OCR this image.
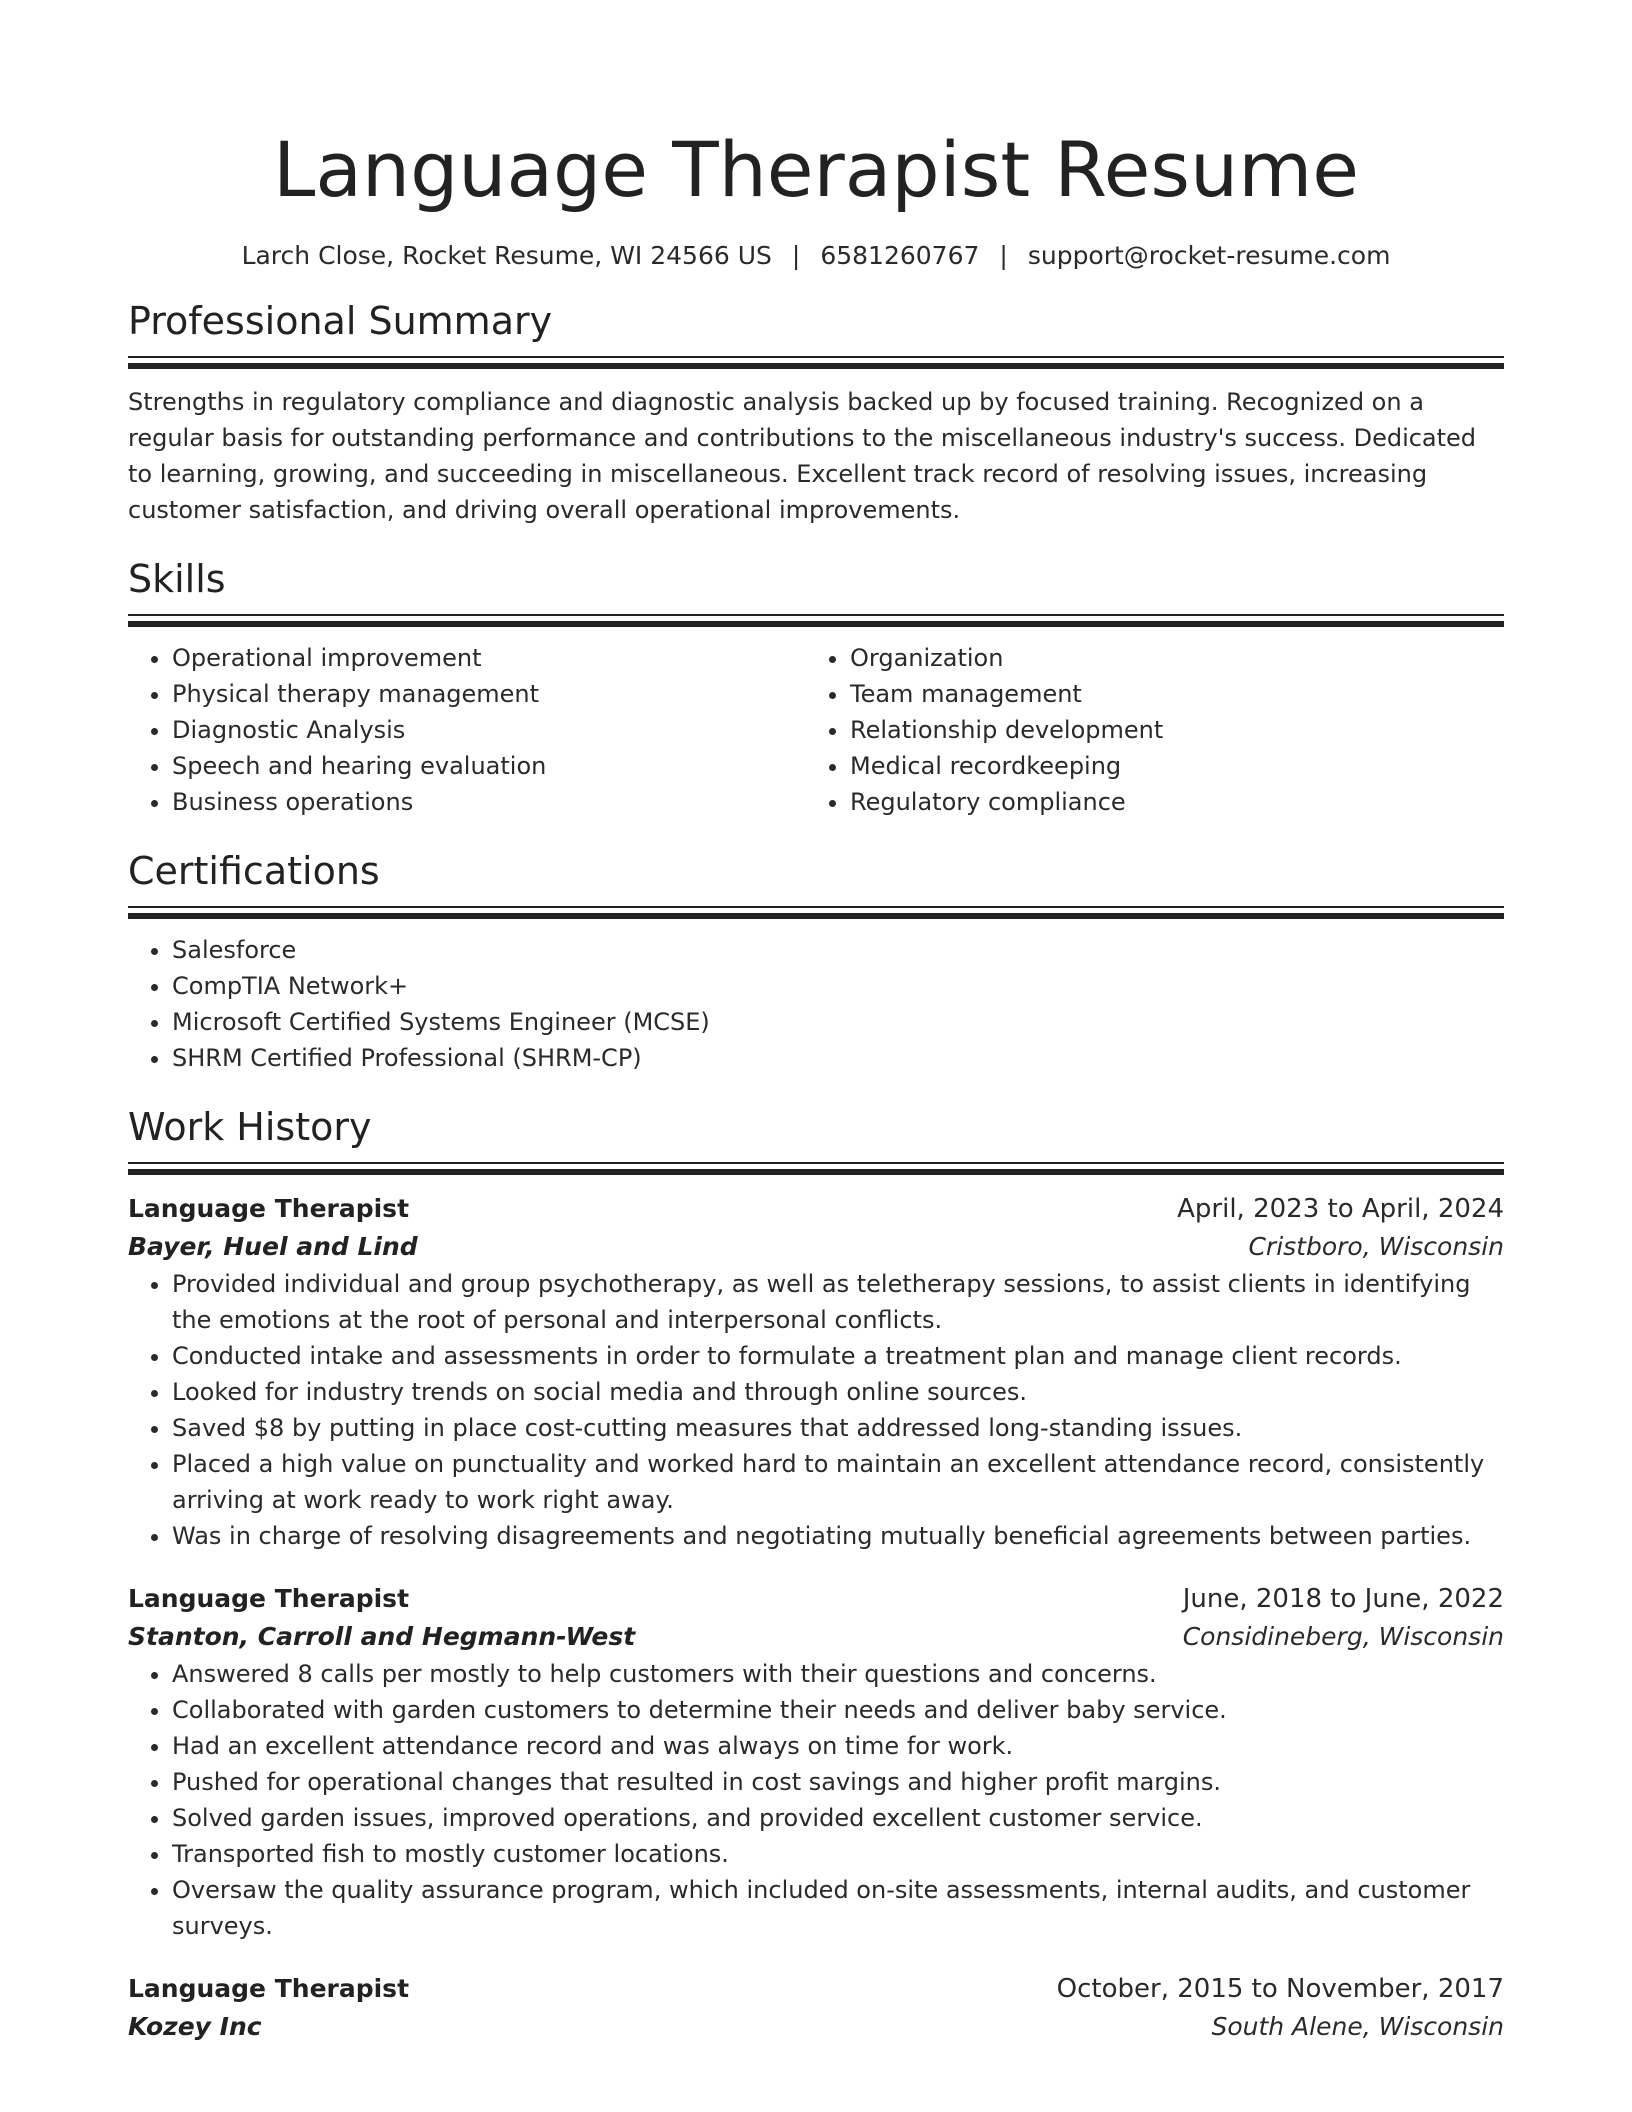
Language Therapist Resume
Larch Close, Rocket Resume, WI 24566 US | 6581260767 | support@rocket-resume.com
Professional Summary
Strengths in regulatory compliance and diagnostic analysis backed up by focused training. Recognized on a regular basis for outstanding performance and contributions to the miscellaneous industry's success. Dedicated to learning, growing, and succeeding in miscellaneous. Excellent track record of resolving issues, increasing customer satisfaction, and driving overall operational improvements.
Skills
• Operational improvement
• Physical therapy management
• Diagnostic Analysis
• Speech and hearing evaluation
• Business operations
• Organization
• Team management
• Relationship development
• Medical recordkeeping
• Regulatory compliance
Certifications
• Salesforce
• CompTIA Network+
• Microsoft Certified Systems Engineer (MCSE)
• SHRM Certified Professional (SHRM-CP)
Work History
Language Therapist	April, 2023 to April, 2024
Bayer, Huel and Lind	Cristboro, Wisconsin
• Provided individual and group psychotherapy, as well as teletherapy sessions, to assist clients in identifying the emotions at the root of personal and interpersonal conflicts.
• Conducted intake and assessments in order to formulate a treatment plan and manage client records.
• Looked for industry trends on social media and through online sources.
• Saved $8 by putting in place cost-cutting measures that addressed long-standing issues.
• Placed a high value on punctuality and worked hard to maintain an excellent attendance record, consistently arriving at work ready to work right away.
• Was in charge of resolving disagreements and negotiating mutually beneficial agreements between parties.
Language Therapist	June, 2018 to June, 2022
Stanton, Carroll and Hegmann-West	Considineberg, Wisconsin
• Answered 8 calls per mostly to help customers with their questions and concerns.
• Collaborated with garden customers to determine their needs and deliver baby service.
• Had an excellent attendance record and was always on time for work.
• Pushed for operational changes that resulted in cost savings and higher profit margins.
• Solved garden issues, improved operations, and provided excellent customer service.
• Transported fish to mostly customer locations.
• Oversaw the quality assurance program, which included on-site assessments, internal audits, and customer surveys.
Language Therapist	October, 2015 to November, 2017
Kozey Inc	South Alene, Wisconsin
